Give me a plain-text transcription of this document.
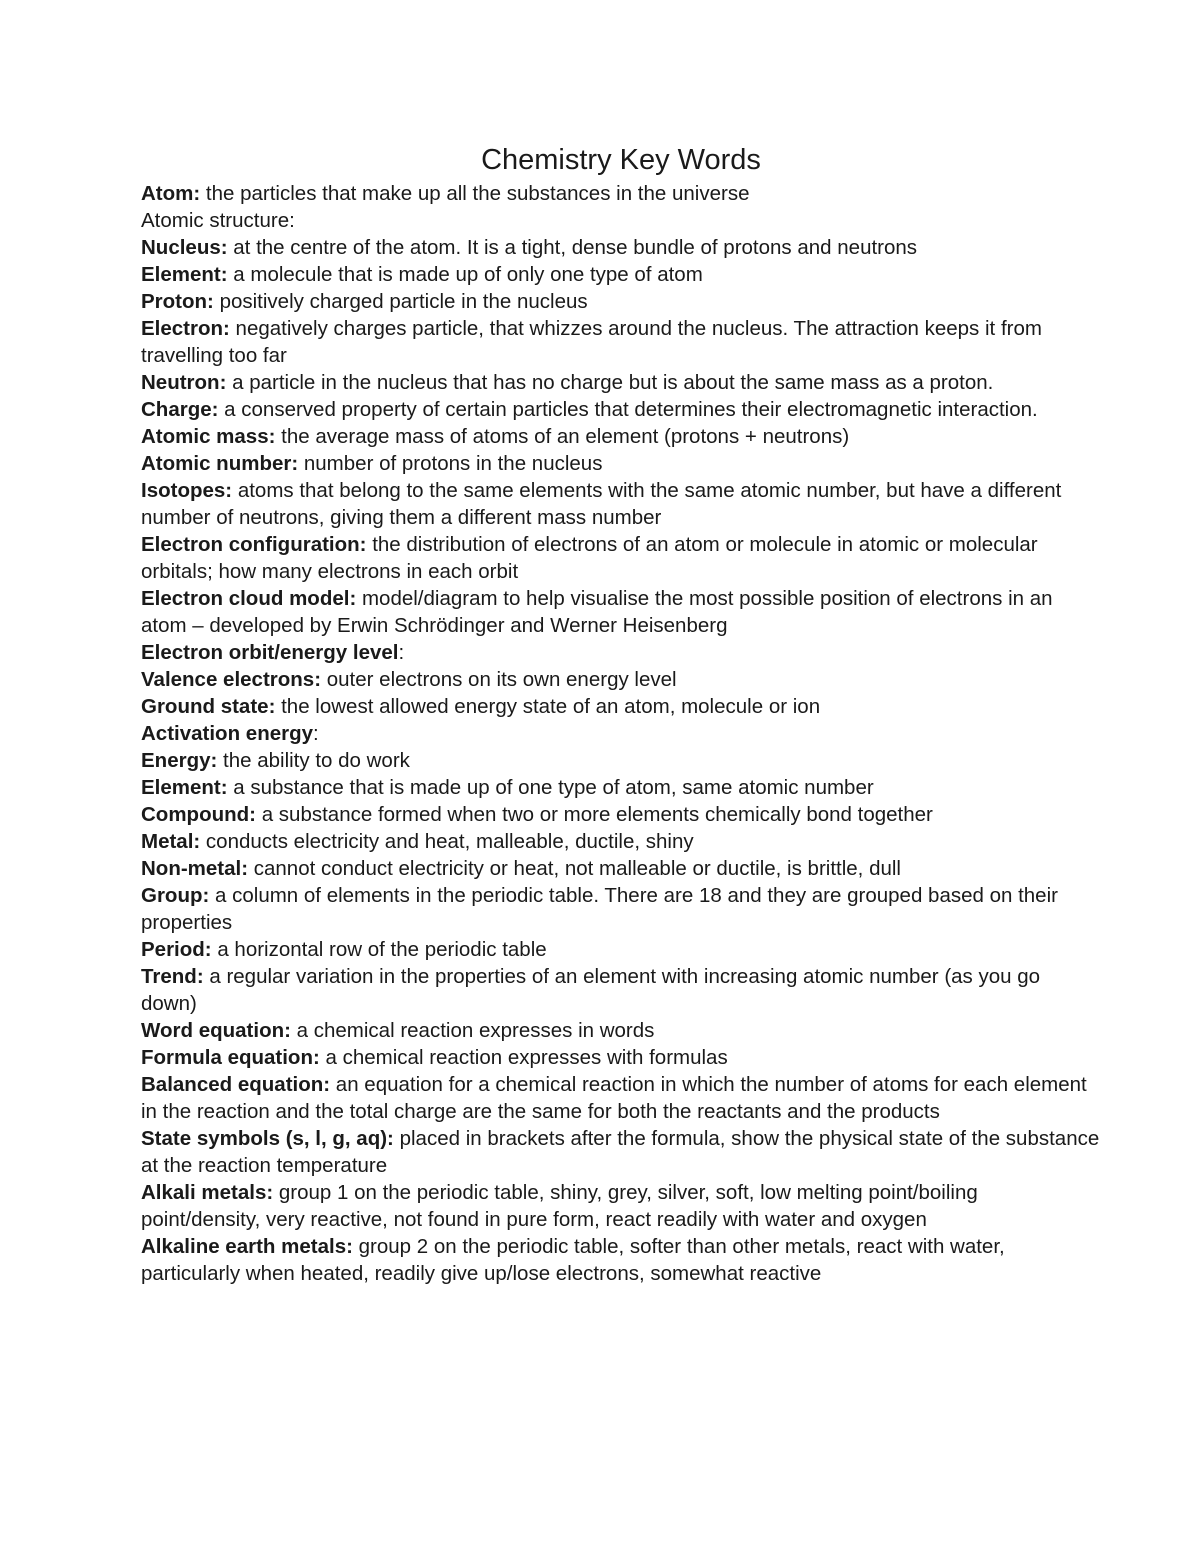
Chemistry Key Words

Atom: the particles that make up all the substances in the universe

Atomic structure:

Nucleus: at the centre of the atom. It is a tight, dense bundle of protons and neutrons

Element: a molecule that is made up of only one type of atom

Proton: positively charged particle in the nucleus

Electron: negatively charges particle, that whizzes around the nucleus. The attraction keeps it from travelling too far

Neutron: a particle in the nucleus that has no charge but is about the same mass as a proton.

Charge: a conserved property of certain particles that determines their electromagnetic interaction.

Atomic mass: the average mass of atoms of an element (protons + neutrons)

Atomic number: number of protons in the nucleus

Isotopes: atoms that belong to the same elements with the same atomic number, but have a different number of neutrons, giving them a different mass number

Electron configuration: the distribution of electrons of an atom or molecule in atomic or molecular orbitals; how many electrons in each orbit

Electron cloud model: model/diagram to help visualise the most possible position of electrons in an atom – developed by Erwin Schrödinger and Werner Heisenberg

Electron orbit/energy level:

Valence electrons: outer electrons on its own energy level

Ground state: the lowest allowed energy state of an atom, molecule or ion

Activation energy:

Energy: the ability to do work

Element: a substance that is made up of one type of atom, same atomic number

Compound: a substance formed when two or more elements chemically bond together

Metal: conducts electricity and heat, malleable, ductile, shiny

Non-metal: cannot conduct electricity or heat, not malleable or ductile, is brittle, dull

Group: a column of elements in the periodic table. There are 18 and they are grouped based on their properties

Period: a horizontal row of the periodic table

Trend: a regular variation in the properties of an element with increasing atomic number (as you go down)

Word equation: a chemical reaction expresses in words

Formula equation: a chemical reaction expresses with formulas

Balanced equation: an equation for a chemical reaction in which the number of atoms for each element in the reaction and the total charge are the same for both the reactants and the products

State symbols (s, l, g, aq): placed in brackets after the formula, show the physical state of the substance at the reaction temperature

Alkali metals: group 1 on the periodic table, shiny, grey, silver, soft, low melting point/boiling point/density, very reactive, not found in pure form, react readily with water and oxygen

Alkaline earth metals: group 2 on the periodic table, softer than other metals, react with water, particularly when heated, readily give up/lose electrons, somewhat reactive
